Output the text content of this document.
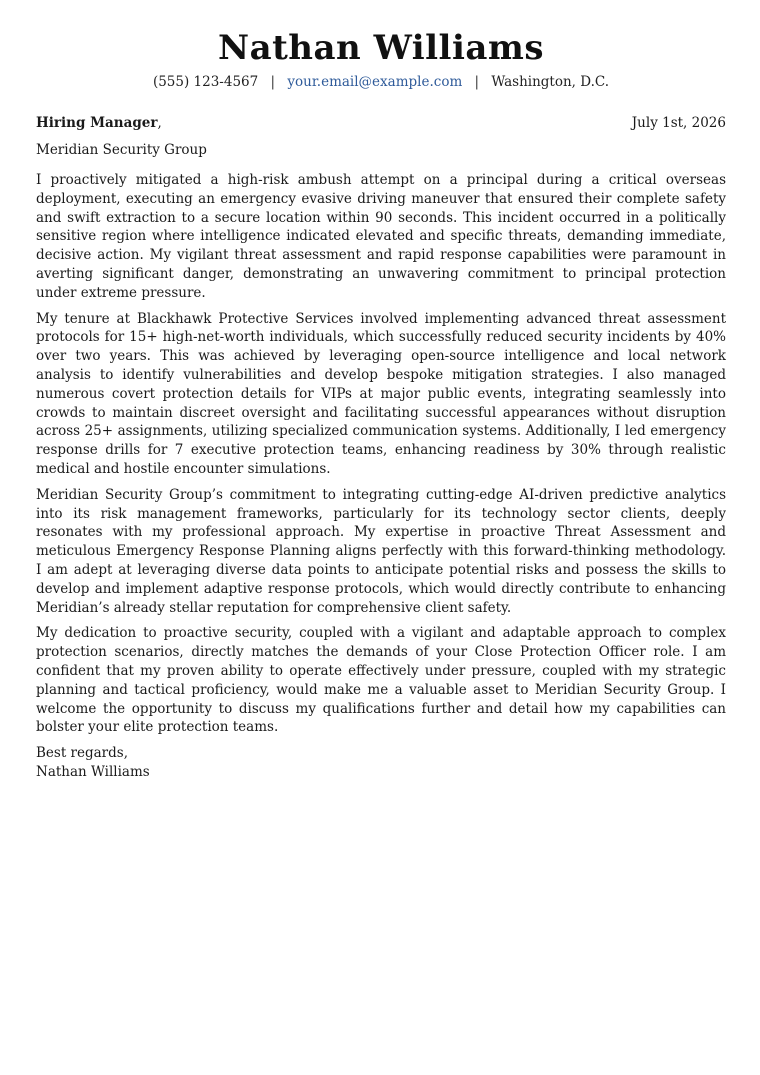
Nathan Williams
(555) 123-4567 | your.email@example.com | Washington, D.C.
Hiring Manager,	July 1st, 2026
Meridian Security Group

I proactively mitigated a high-risk ambush attempt on a principal during a critical overseas deployment, executing an emergency evasive driving maneuver that ensured their complete safety and swift extraction to a secure location within 90 seconds. This incident occurred in a politically sensitive region where intelligence indicated elevated and specific threats, demanding immediate, decisive action. My vigilant threat assessment and rapid response capabilities were paramount in averting significant danger, demonstrating an unwavering commitment to principal protection under extreme pressure.

My tenure at Blackhawk Protective Services involved implementing advanced threat assessment protocols for 15+ high-net-worth individuals, which successfully reduced security incidents by 40% over two years. This was achieved by leveraging open-source intelligence and local network analysis to identify vulnerabilities and develop bespoke mitigation strategies. I also managed numerous covert protection details for VIPs at major public events, integrating seamlessly into crowds to maintain discreet oversight and facilitating successful appearances without disruption across 25+ assignments, utilizing specialized communication systems. Additionally, I led emergency response drills for 7 executive protection teams, enhancing readiness by 30% through realistic medical and hostile encounter simulations.

Meridian Security Group’s commitment to integrating cutting-edge AI-driven predictive analytics into its risk management frameworks, particularly for its technology sector clients, deeply resonates with my professional approach. My expertise in proactive Threat Assessment and meticulous Emergency Response Planning aligns perfectly with this forward-thinking methodology. I am adept at leveraging diverse data points to anticipate potential risks and possess the skills to develop and implement adaptive response protocols, which would directly contribute to enhancing Meridian’s already stellar reputation for comprehensive client safety.

My dedication to proactive security, coupled with a vigilant and adaptable approach to complex protection scenarios, directly matches the demands of your Close Protection Officer role. I am confident that my proven ability to operate effectively under pressure, coupled with my strategic planning and tactical proficiency, would make me a valuable asset to Meridian Security Group. I welcome the opportunity to discuss my qualifications further and detail how my capabilities can bolster your elite protection teams.

Best regards,
Nathan Williams
